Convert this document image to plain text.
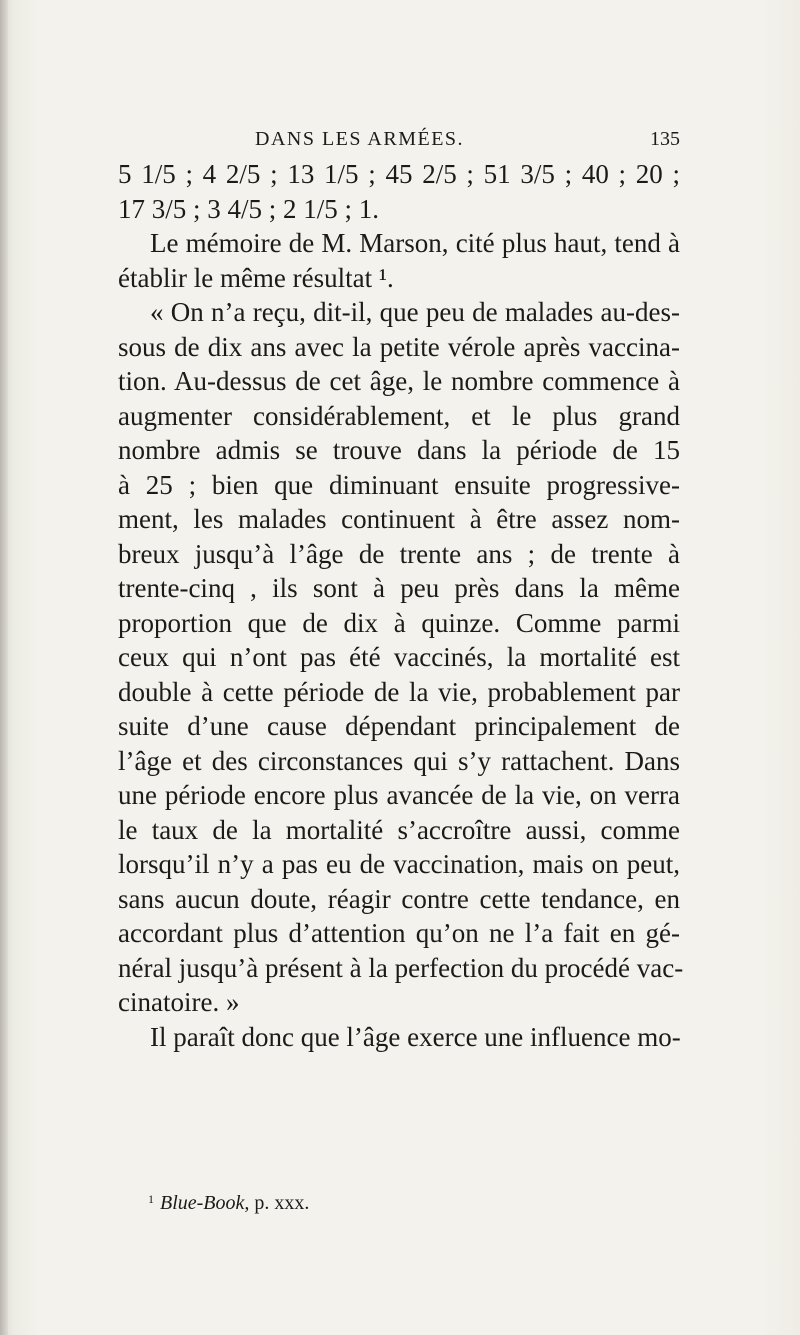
DANS LES ARMÉES.	135
5 1/5 ; 4 2/5 ; 13 1/5 ; 45 2/5 ; 51 3/5 ; 40 ; 20 ;
17 3/5 ; 3 4/5 ; 2 1/5 ; 1.
Le mémoire de M. Marson, cité plus haut, tend à
établir le même résultat ¹.
« On n’a reçu, dit-il, que peu de malades au-des-
sous de dix ans avec la petite vérole après vaccina-
tion. Au-dessus de cet âge, le nombre commence à
augmenter considérablement, et le plus grand
nombre admis se trouve dans la période de 15
à 25 ; bien que diminuant ensuite progressive-
ment, les malades continuent à être assez nom-
breux jusqu’à l’âge de trente ans ; de trente à
trente-cinq , ils sont à peu près dans la même
proportion que de dix à quinze. Comme parmi
ceux qui n’ont pas été vaccinés, la mortalité est
double à cette période de la vie, probablement par
suite d’une cause dépendant principalement de
l’âge et des circonstances qui s’y rattachent. Dans
une période encore plus avancée de la vie, on verra
le taux de la mortalité s’accroître aussi, comme
lorsqu’il n’y a pas eu de vaccination, mais on peut,
sans aucun doute, réagir contre cette tendance, en
accordant plus d’attention qu’on ne l’a fait en gé-
néral jusqu’à présent à la perfection du procédé vac-
cinatoire. »
Il paraît donc que l’âge exerce une influence mo-
$^1$ Blue-Book, p. xxx.
